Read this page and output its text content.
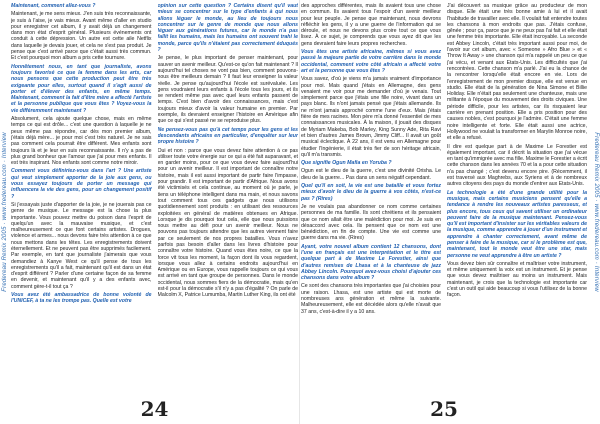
Fredereau Remix 2005 · www.fredereau.com · Interview

Maintenant, comment allez-vous ?

Maintenant, je me sens mieux. J'en suis très reconnaissante, je suis à l'aise, je vais mieux. Avant même d'aller en studio pour enregistrer cet album, il y avait déjà un changement dans mon état d'esprit général. Plusieurs événements ont conduit à cette dépression. Un autre est cette aile Netflix dans laquelle je devais jouer, et cela ne s'est pas produit. Je pense que c'est arrivé parce que c'était aussi très commun. Et c'est pourquoi mon album a pris cette tournure.

Honnêtement nous, en tant que journaliste, avons toujours favorisé ce que la femme dans les arts, car nous pensons que cette production peut être très exigeante pour elles, surtout quand il s'agit aussi de porter et d'élever des enfants, en même temps. Maintenant, comment la fait d'être mère a affecté l'artiste et la personne publique que vous êtes ? Voyez-vous la vie différemment maintenant ?

Absolument, cela ajoute quelque chose, mais en même temps ce qui est drôle... c'est une question à laquelle je ne peux même pas répondre, car dès mon premier album, j'étais déjà mère... je pour moi c'est très naturel. Je ne sais pas comment cela pourrait être différent. Mes enfants sont toujours là et je leur en suis reconnaissante. Il n'y a pas de plus grand bonheur que l'amour que j'ai pour mes enfants. Il est très inspirant. Nos enfants sont comme notre miroir.

Comment vous définiriez-vous dans l'art ? Une artiste qui veut simplement apporter de la joie aux gens, ou vous essayez toujours de porter un message qui influencera la vie des gens, pour un changement positif ?

Si j'essayais juste d'apporter de la joie, je ne jouerais pas ce genre de musique. Le message est la chose la plus importante. Vous pouvez mettre du poison dans l'esprit de quelqu'un avec la mauvaise musique, et c'est malheureusement ce que font certains artistes. Drogues, violence et armes... nous devons faire très attention à ce que nous mettons dans les têtes. Les enregistrements doivent éternellement. Et ne peuvent pas être supprimés facilement. Par exemple, en tant que journaliste j'aimerais que vous demandiez à Kanye West ce qu'il pense de tous les enregistrements qu'il a fait, maintenant qu'il est dans un état d'esprit différent ? Parler d'une certaine façon de sa femme en devenir, et maintenant qu'il y a des enfants avec, comment gère-t-il tout ça ?

Vous avez été ambassadrice de bonne volonté de l'UNICEF, à ta ne les trompe pas. Quelle est votre

opinion sur cette question ? Certains disent qu'il vaut mieux se concentrer sur le type d'enfants à qui nous allons léguer le monde, au lieu de toujours nous concentrer sur le genre de monde que nous allons léguer aux générations futures, car le monde n'a pas fallit les humains, mais les humains ont souvent trahi le monde, parce qu'ils n'étaient pas correctement éduqués ?

Je pense, le plus important de penser maintenant, pour sauver un avenir meilleur. Qu'est-ce qu'on fait maintenant ? Il aujourd'hui tel choses ne vont pas bien, comment pouvons-nous être meilleurs demain ? Il faut leur enseigner la valeur réelle. Je pense qu'aujourd'hui l'école est surévaluée. Les gens voudraient leurs enfants à l'école tous les jours, et ils se rendent même pas avec quel leurs enfants passent de temps. C'est bien d'avoir des connaissances, mais c'est toujours mieux d'avoir la valeur humaine en premier. Par exemple, ils devraient enseigner l'histoire en Amérique afin que ce qui s'est passé ne se reproduise plus.

Ne pensez-vous pas qu'à cet temps pour les gens et les descendants africains en particulier, d'enquêter sur leur propre histoire ?

Oui et non : parce que vous devez faire attention à ce pas utiliser toute votre énergie sur ce qui a été fait auparavant, et en garder moins, pour ce que vous devez faire aujourd'hui pour un avenir meilleur. Il est important de connaître notre histoire, mais il est aussi important de partir faire l'impasse, pour grandir. Il est important de partir d'Afrique. Nous avons été victimisés et cela continue, au moment où je parle, je tiens un téléphone intelligent dans ma main, et nous savons tout comment tous ces gadgets que nous utilisons quotidiennement sont produits : en utilisant des ressources exploitées en général de matières obtenues en Afrique. Lorsque je dis pourquoi tout cela, elle que nous puissions nous mettre au défi pour un avenir meilleur. Nous ne pouvons pas toujours attendre que les autres viennent faire par ce seulement de nos propres batailles. Vous n'avez parfois pas besoin d'aller dans les livres d'histoire pour connaître votre histoire. Quand vous êtes noire, ce que la force vit tous les moment, la façon dont ils vous regardent, lorsque vous allez à certains endroits aujourd'hui en Amérique ou en Europe, vous rappelle toujours ce qui vous est arrivé en tant que groupe de personnes. Dans le monde occidental, nous sommes fiers de la démocratie, mais qu'en est-il pour la démocratie s'il n'y a pas d'égalité ? On parle de Malcolm X, Patrice Lumumba, Martin Luther King, ils ont été

24

des approches différentes, mais ils avaient tous une chose en commun. Ils avaient tous l'espoir d'un avenir meilleur pour leur peuple. Je pense que maintenant, nous devrons réfléchir les gens, il y a une guerre de l'information qui se déroule, et nous ne devons plus croire tout ce que vous lisez. À ce sujet, je comprends que vous ayez dit que les gens devraient faire leurs propres recherches.

Vous êtes une artiste africaine, mêmes si vous avez passé la majeure partie de votre carrière dans le monde occidental, comment votre côté africain a affecté votre art et la personne que vous êtes ?

Vous savez, d'où je viens m'a jamais vraiment d'importance pour moi. Mais quand j'étais en Allemagne, des gens venaient me voir pour me demander d'où je venais. Tout simplement parce que j'étais une fille noire, vivant dans un pays blanc. Ils n'ont jamais pensé que j'étais allemande. Ils ne m'ont jamais approché comme l'une d'eux. Mais j'étais fière de mes racines. Mon père m'a donné l'essentiel de mes connaissances musicales. À la maison, il jouait des disques de Myriam Makeba, Bob Marley, King Sunny Ade, Rita Ravi et bien d'autres James Brown, Jimmy Cliff... Il avait un goût musical éclectique. À 22 ans, il est venu en Allemagne pour étudier l'Ingénierie, il était très fier de son héritage africain, qu'il m'a transmis.

Que signifie Ogun Mafia en Yoruba ?

Ogun est le dieu de la guerre, c'est une divinité Orisha. Le dieu de la guerre... Pas dans un sens négatif cependant.

Quel qu'il en soit, la vie est une bataille et vous fortez mieux d'avoir le dieu de la guerre à vos côtés, n'est-ce pas ? (Rires)

Je ne voulais pas abandonner ce nom comme certaines personnes de ma famille. Ils sont chrétiens et ils pensaient que ce nom allait être une malédiction pour moi. Je suis en désaccord avec cela. Ils pensent que ce nom est une bénédiction, en fin de compte. Une vie est comme une guerre dans ma vie. (Rires)

Ayant, votre nouvel album contient 12 chansons, dont l'une en français est une interprétation et le titre est quelque part à de Maxime Le Forestier, ainsi que d'autres remises de Lhasa et à la chanteuse de jazz Abbey Lincoln. Pourquoi avez-vous choisi d'ajouter ces chansons dans votre album ?

Ce sont des chansons très importantes que j'ai choisies pour une raison. Lhasa, est une artiste qui est morte de nombreuses ans génération et même la suivante. Malheureusement, elle est décédée alors qu'elle n'avait que 37 ans, c'est-à-dire il y a 10 ans.

J'ai découvert sa musique grâce au producteur de mon disque. Elle était une très bonne amie à lui et il avait l'habitude de travailler avec elle. Il voulait fait entendre toutes les chansons à mon endroits que pas. J'étais confuse, gênée ; pour ça, parce que je ne peux pas l'ai fait et elle était une femme très importante. Elle était incroyable. La seconde est Abbey Lincoln, c'était très important aussi pour moi, de l'avoir sur cet album, avec « Someone » Afro Blue » et « Throw It Away » une chanson qui m'a rappelé un peu ce que j'ai vécu, et venant aux Etats-Unis. Les difficultés que j'ai rencontrées. Cette chanson m'a parlé. J'ai eu la chance de la rencontrer lorsqu'elle était encore en vie. Lors de l'enregistrement de mon premier disque, elle est venue en studio. Elle était de la génération de Nina Simone et Billie Holiday. Elle n'était pas seulement une chanteuse, mais une militante à l'époque du mouvement des droits civiques. Une période difficile, pour les artistes, car ils risquaient leur carrière en prenant position. Elle a pris position pour des causes nobles, c'est pourquoi je l'admire. C'était une femme noire intelligente et forte. Elle était aussi une actrice, Hollywood ne voulait la transformer en Marylin Monroe noire, et elle a refusé.

Il dire est quelque part à de Maxime Le Forestier est également important, car il décrit la situation que j'ai vécue en tant qu'immigrée avec ma fille. Maxime le Forestier a écrit cette chanson dans les années 70 et la a pour cette situation n'a pas changé ; c'est devenu encore pire. (Récemment, il est traversé aux Maghrebs, aux Syriens et à de nombreux autres citoyens des pays du monde d'entrer aux Etats-Unis.

La technologie a été d'une grande utilité pour la musique, mais certains musiciens pensent qu'elle a tendance à rendre les nouveaux artistes paresseux, et plus encore, tous ceux qui savent utiliser un ordinateur peuvent faire de la musique maintenant. Pensez-vous qu'il est important d'insister sur les véritables valeurs de la musique, comme apprendre à jouer d'un instrument et apprendre à chanter correctement, avant même de penser à faire de la musique, car si le problème est que, maintenant, tout le monde veut être une star, mais personne ne veut apprendre à être un artiste ?

Vous devez bien sûr connaître et maîtriser votre instrument, et même uniquement la voix est un instrument. Et je pense que vous devez maîtriser au moins un instrument. Mais maintenant, je crois que la technologie est importante car c'est un outil qui aide beaucoup si vous l'utilisez de la bonne façon.

25
Fredereau Remix 2005 · www.fredereau.com · Interview
